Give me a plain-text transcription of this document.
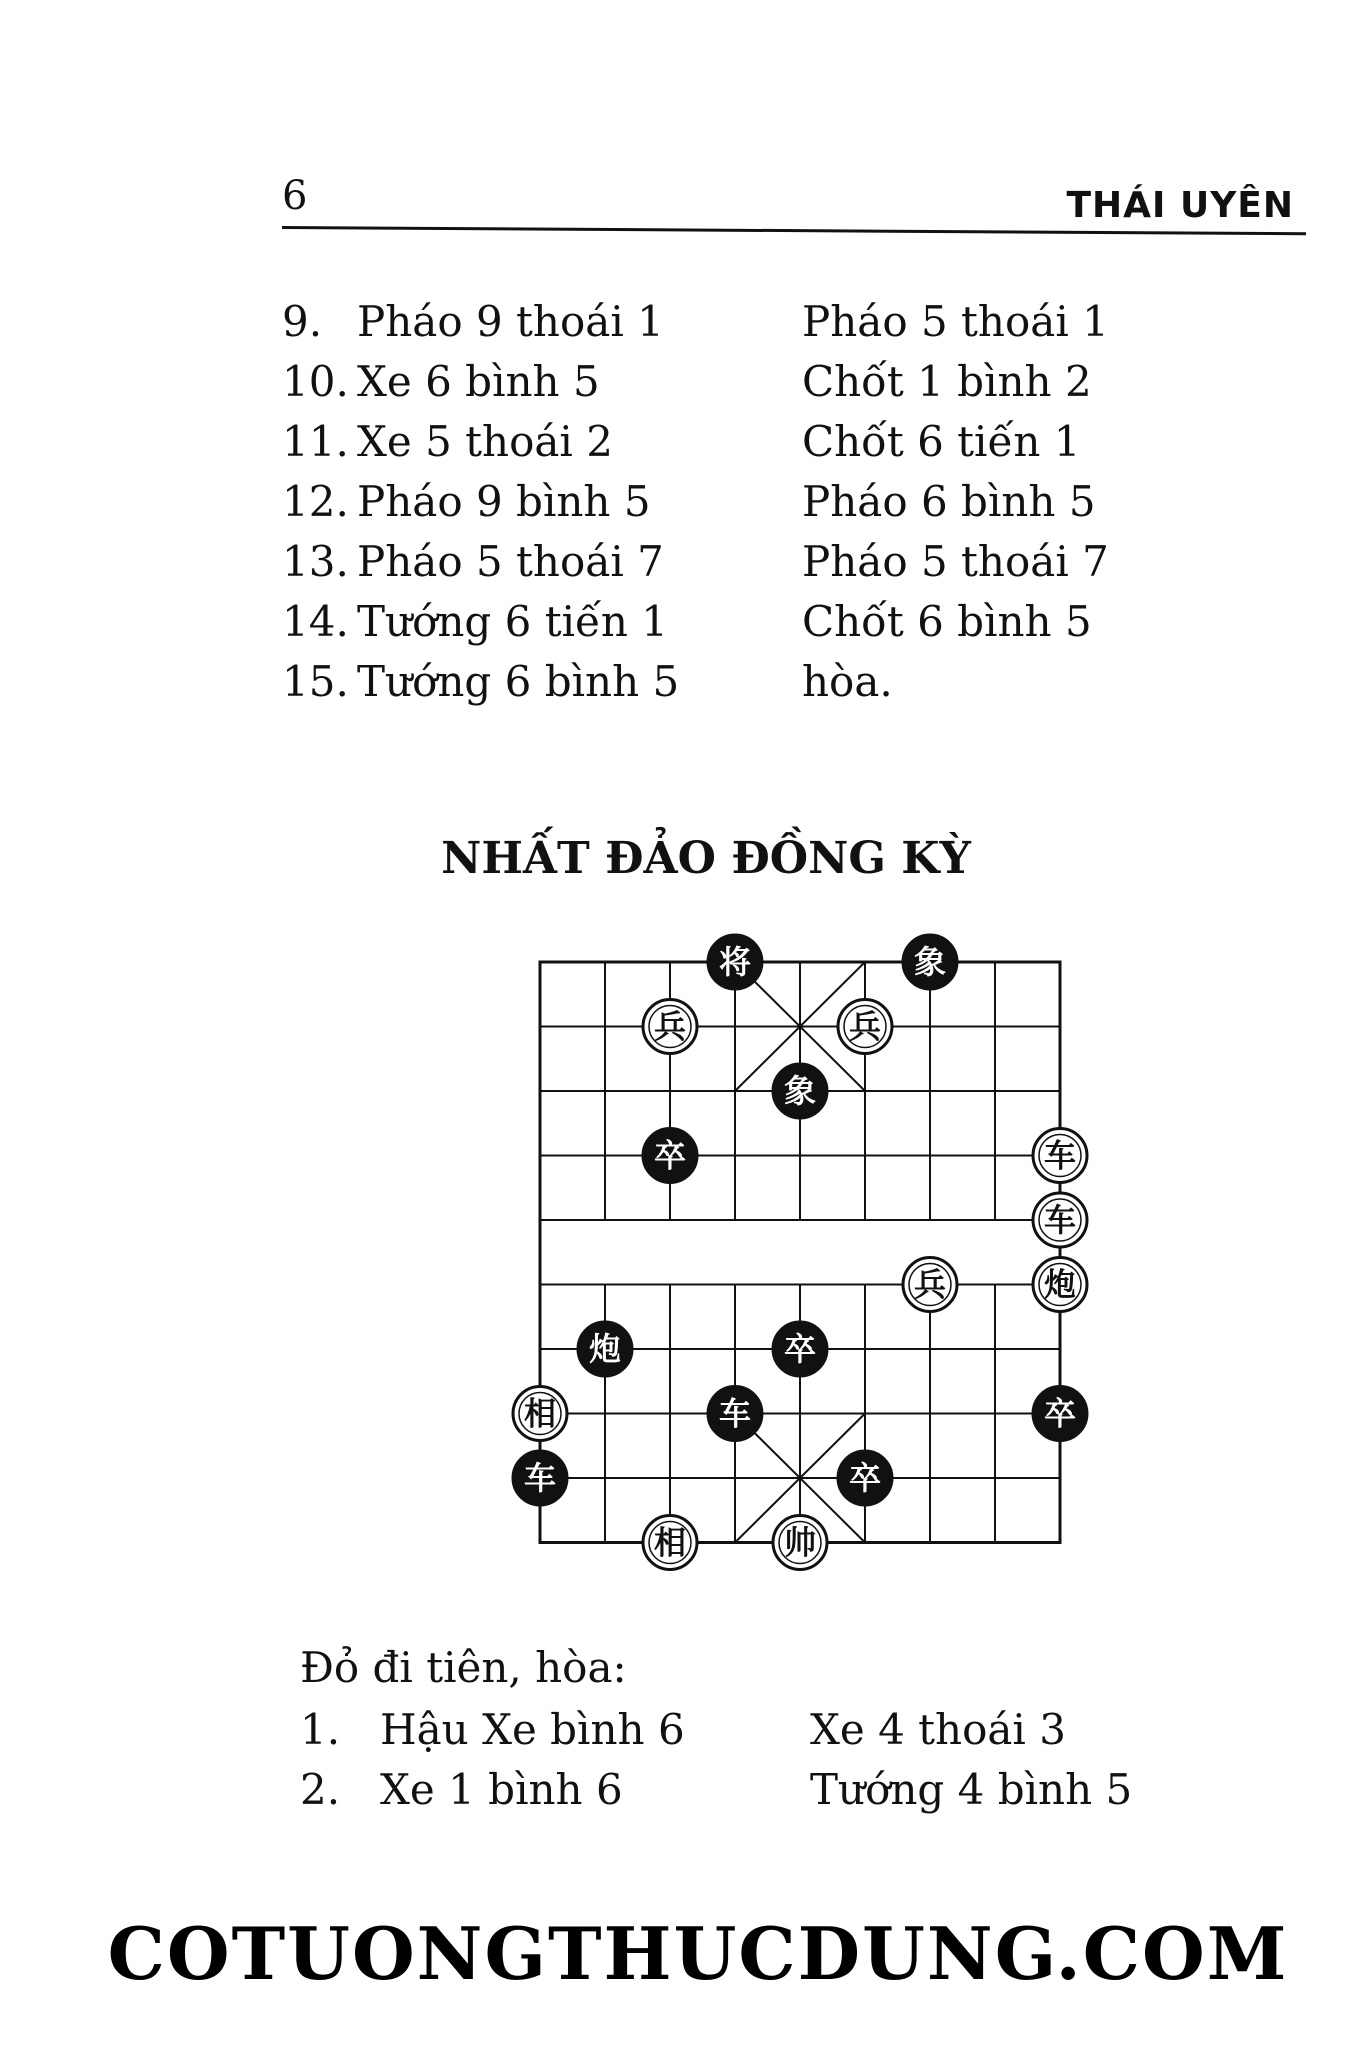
6	THÁI UYÊN
9. Pháo 9 thoái 1	Pháo 5 thoái 1
10. Xe 6 bình 5	Chốt 1 bình 2
11. Xe 5 thoái 2	Chốt 6 tiến 1
12. Pháo 9 bình 5	Pháo 6 bình 5
13. Pháo 5 thoái 7	Pháo 5 thoái 7
14. Tướng 6 tiến 1	Chốt 6 bình 5
15. Tướng 6 bình 5	hòa.
NHẤT ĐẢO ĐỒNG KỲ
将	象
兵	兵
象
卒	车
车
兵	炮
炮	卒
相	车	卒
车	卒
相	帅
Đỏ đi tiên, hòa:
1. Hậu Xe bình 6	Xe 4 thoái 3
2. Xe 1 bình 6	Tướng 4 bình 5
COTUONGTHUCDUNG.COM
